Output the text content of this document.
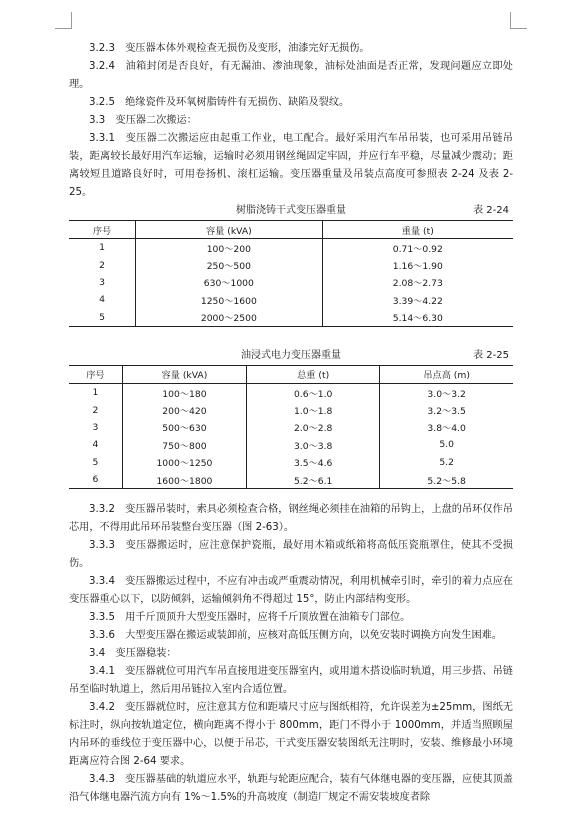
3.2.3　变压器本体外观检查无损伤及变形，油漆完好无损伤。

3.2.4　油箱封闭是否良好，有无漏油、渗油现象，油标处油面是否正常，发现问题应立即处理。

3.2.5　绝缘瓷件及环氧树脂铸件有无损伤、缺陷及裂纹。

3.3　变压器二次搬运：

3.3.1　变压器二次搬运应由起重工作业，电工配合。最好采用汽车吊吊装，也可采用吊链吊装，距离较长最好用汽车运输，运输时必须用钢丝绳固定牢固，并应行车平稳，尽量减少震动；距离较短且道路良好时，可用卷扬机、滚杠运输。变压器重量及吊装点高度可参照表 2-24 及表 2-25。

树脂浇铸干式变压器重量	表 2-24
序号	容量 (kVA)	重量 (t)
1	100～200	0.71～0.92
2	250～500	1.16～1.90
3	630～1000	2.08～2.73
4	1250～1600	3.39～4.22
5	2000～2500	5.14～6.30
油浸式电力变压器重量	表 2-25
序号	容量 (kVA)	总重 (t)	吊点高 (m)
1	100～180	0.6～1.0	3.0～3.2
2	200～420	1.0～1.8	3.2～3.5
3	500～630	2.0～2.8	3.8～4.0
4	750～800	3.0～3.8	5.0
5	1000～1250	3.5～4.6	5.2
6	1600～1800	5.2～6.1	5.2～5.8

3.3.2　变压器吊装时，索具必须检查合格，钢丝绳必须挂在油箱的吊钩上，上盘的吊环仅作吊芯用，不得用此吊环吊装整台变压器（图 2-63）。

3.3.3　变压器搬运时，应注意保护瓷瓶，最好用木箱或纸箱将高低压瓷瓶罩住，使其不受损伤。

3.3.4　变压器搬运过程中，不应有冲击或严重震动情况，利用机械牵引时，牵引的着力点应在变压器重心以下，以防倾斜，运输倾斜角不得超过 15°，防止内部结构变形。

3.3.5　用千斤顶顶升大型变压器时，应将千斤顶放置在油箱专门部位。

3.3.6　大型变压器在搬运或装卸前，应核对高低压侧方向，以免安装时调换方向发生困难。

3.4　变压器稳装：

3.4.1　变压器就位可用汽车吊直接甩进变压器室内，或用道木搭设临时轨道，用三步搭、吊链吊至临时轨道上，然后用吊链拉入室内合适位置。

3.4.2　变压器就位时，应注意其方位和距墙尺寸应与图纸相符，允许误差为±25mm，图纸无标注时，纵向按轨道定位，横向距离不得小于 800mm，距门不得小于 1000mm，并适当照顾屋内吊环的垂线位于变压器中心，以便于吊芯，干式变压器安装图纸无注明时，安装、维修最小环境距离应符合图 2-64 要求。

3.4.3　变压器基础的轨道应水平，轨距与轮距应配合，装有气体继电器的变压器，应使其顶盖沿气体继电器汽流方向有 1%～1.5%的升高坡度（制造厂规定不需安装坡度者除
